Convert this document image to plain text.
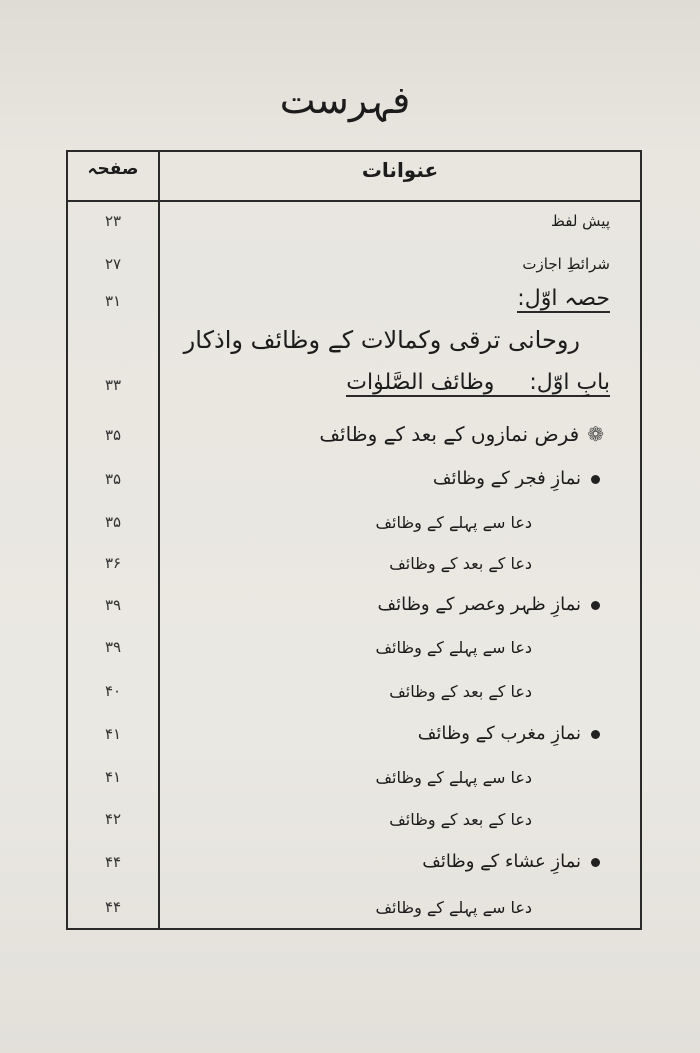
فہرست
عنوانات
صفحہ
پیش لفظ
۲۳
شرائطِ اجازت
۲۷
حصہ اوّل:
۳۱
روحانی ترقی وکمالات کے وظائف واذکار
بابِ اوّل:     وظائف الصَّلوٰات
۳۳
❁فرض نمازوں کے بعد کے وظائف
۳۵
نمازِ فجر کے وظائف
۳۵
دعا سے پہلے کے وظائف
۳۵
دعا کے بعد کے وظائف
۳۶
نمازِ ظہر وعصر کے وظائف
۳۹
دعا سے پہلے کے وظائف
۳۹
دعا کے بعد کے وظائف
۴۰
نمازِ مغرب کے وظائف
۴۱
دعا سے پہلے کے وظائف
۴۱
دعا کے بعد کے وظائف
۴۲
نمازِ عشاء کے وظائف
۴۴
دعا سے پہلے کے وظائف
۴۴
